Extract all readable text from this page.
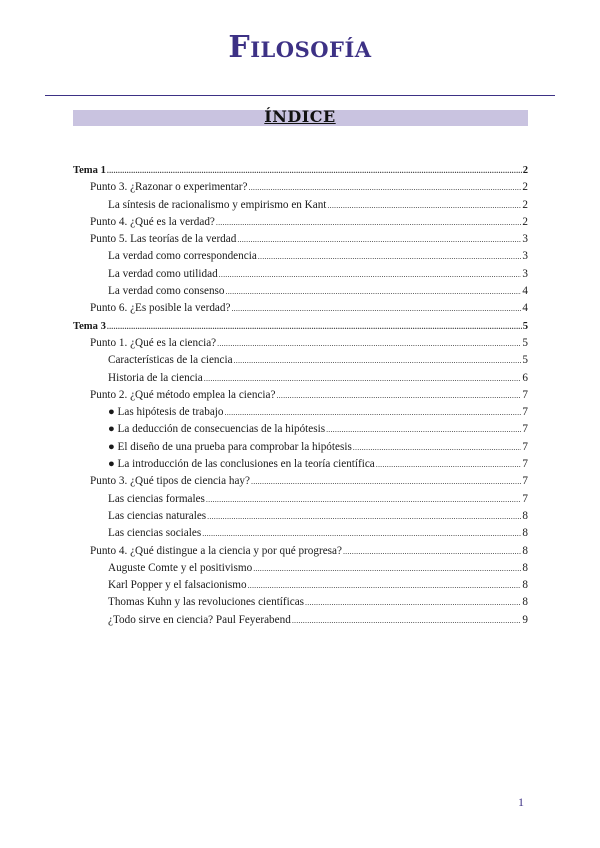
Filosofía
ÍNDICE
Tema 1 .....	2
Punto 3. ¿Razonar o experimentar? .....	2
La síntesis de racionalismo y empirismo en Kant .....	2
Punto 4. ¿Qué es la verdad? .....	2
Punto 5. Las teorías de la verdad .....	3
La verdad como correspondencia .....	3
La verdad como utilidad .....	3
La verdad como consenso .....	4
Punto 6. ¿Es posible la verdad? .....	4
Tema 3 .....	5
Punto 1. ¿Qué es la ciencia? .....	5
Características de la ciencia .....	5
Historia de la ciencia .....	6
Punto 2. ¿Qué método emplea la ciencia? .....	7
● Las hipótesis de trabajo .....	7
● La deducción de consecuencias de la hipótesis .....	7
● El diseño de una prueba para comprobar la hipótesis .....	7
● La introducción de las conclusiones en la teoría científica .....	7
Punto 3. ¿Qué tipos de ciencia hay? .....	7
Las ciencias formales .....	7
Las ciencias naturales .....	8
Las ciencias sociales .....	8
Punto 4. ¿Qué distingue a la ciencia y por qué progresa? .....	8
Auguste Comte y el positivismo .....	8
Karl Popper y el falsacionismo .....	8
Thomas Kuhn y las revoluciones científicas .....	8
¿Todo sirve en ciencia? Paul Feyerabend .....	9
1
